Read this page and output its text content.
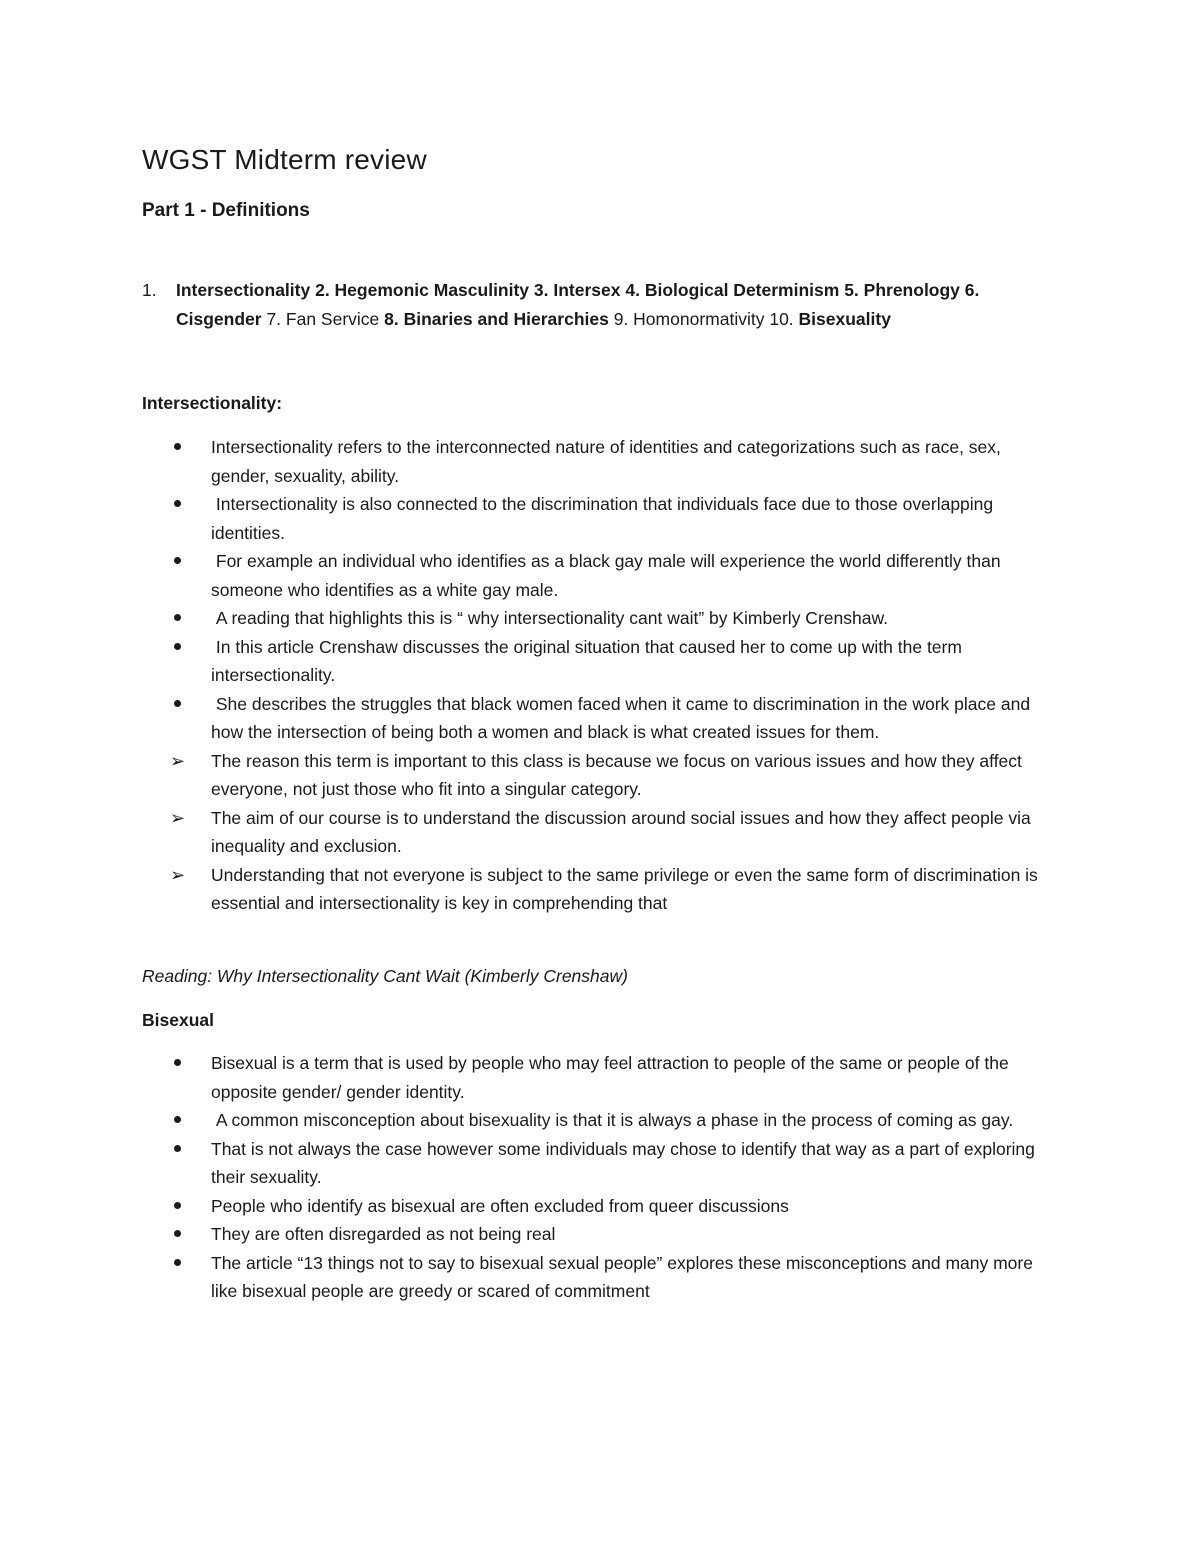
WGST Midterm review
Part 1 - Definitions
1. Intersectionality 2. Hegemonic Masculinity 3. Intersex 4. Biological Determinism 5. Phrenology 6. Cisgender 7. Fan Service 8. Binaries and Hierarchies 9. Homonormativity 10. Bisexuality
Intersectionality:
Intersectionality refers to the interconnected nature of identities and categorizations such as race, sex, gender, sexuality, ability.
Intersectionality is also connected to the discrimination that individuals face due to those overlapping identities.
For example an individual who identifies as a black gay male will experience the world differently than someone who identifies as a white gay male.
A reading that highlights this is “ why intersectionality cant wait” by Kimberly Crenshaw.
In this article Crenshaw discusses the original situation that caused her to come up with the term intersectionality.
She describes the struggles that black women faced when it came to discrimination in the work place and how the intersection of being both a women and black is what created issues for them.
➢	The reason this term is important to this class is because we focus on various issues and how they affect everyone, not just those who fit into a singular category.
➢	The aim of our course is to understand the discussion around social issues and how they affect people via inequality and exclusion.
➢	Understanding that not everyone is subject to the same privilege or even the same form of discrimination is essential and intersectionality is key in comprehending that

Reading: Why Intersectionality Cant Wait (Kimberly Crenshaw)

Bisexual
Bisexual is a term that is used by people who may feel attraction to people of the same or people of the opposite gender/ gender identity.
A common misconception about bisexuality is that it is always a phase in the process of coming as gay.
That is not always the case however some individuals may chose to identify that way as a part of exploring their sexuality.
People who identify as bisexual are often excluded from queer discussions
They are often disregarded as not being real
The article “13 things not to say to bisexual sexual people” explores these misconceptions and many more like bisexual people are greedy or scared of commitment
